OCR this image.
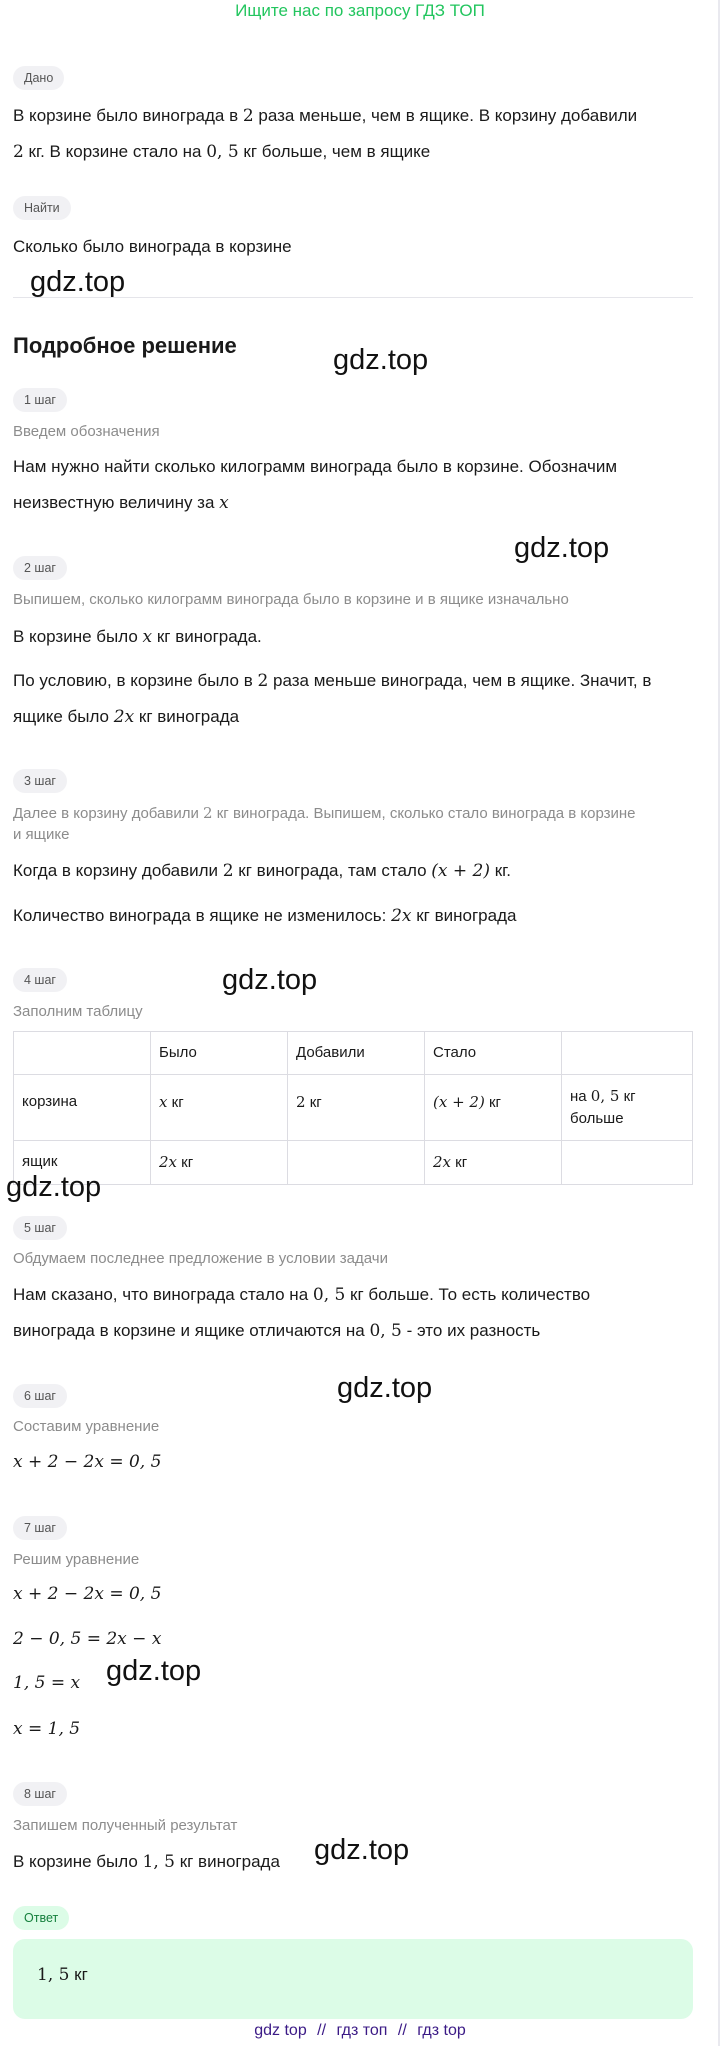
Ищите нас по запросу ГДЗ ТОП
Дано
В корзине было винограда в 2 раза меньше, чем в ящике. В корзину добавили
2 кг. В корзине стало на 0, 5 кг больше, чем в ящике
Найти
Сколько было винограда в корзине
Подробное решение
1 шаг
Введем обозначения
Нам нужно найти сколько килограмм винограда было в корзине. Обозначим
неизвестную величину за x
2 шаг
Выпишем, сколько килограмм винограда было в корзине и в ящике изначально
В корзине было x кг винограда.
По условию, в корзине было в 2 раза меньше винограда, чем в ящике. Значит, в
ящике было 2x кг винограда
3 шаг
Далее в корзину добавили 2 кг винограда. Выпишем, сколько стало винограда в корзине
и ящике
Когда в корзину добавили 2 кг винограда, там стало (x + 2) кг.
Количество винограда в ящике не изменилось: 2x кг винограда
4 шаг
Заполним таблицу
	Было	Добавили	Стало	
корзина	x кг	2 кг	(x + 2) кг	на 0, 5 кг
больше
ящик	2x кг		2x кг	
5 шаг
Обдумаем последнее предложение в условии задачи
Нам сказано, что винограда стало на 0, 5 кг больше. То есть количество
винограда в корзине и ящике отличаются на 0, 5 - это их разность
6 шаг
Составим уравнение
x + 2 − 2x = 0, 5
7 шаг
Решим уравнение
x + 2 − 2x = 0, 5
2 − 0, 5 = 2x − x
1, 5 = x
x = 1, 5
8 шаг
Запишем полученный результат
В корзине было 1, 5 кг винограда
Ответ
1, 5 кг
gdz.top
gdz.top
gdz.top
gdz.top
gdz.top
gdz.top
gdz.top
gdz.top
gdz top // гдз топ // гдз top
